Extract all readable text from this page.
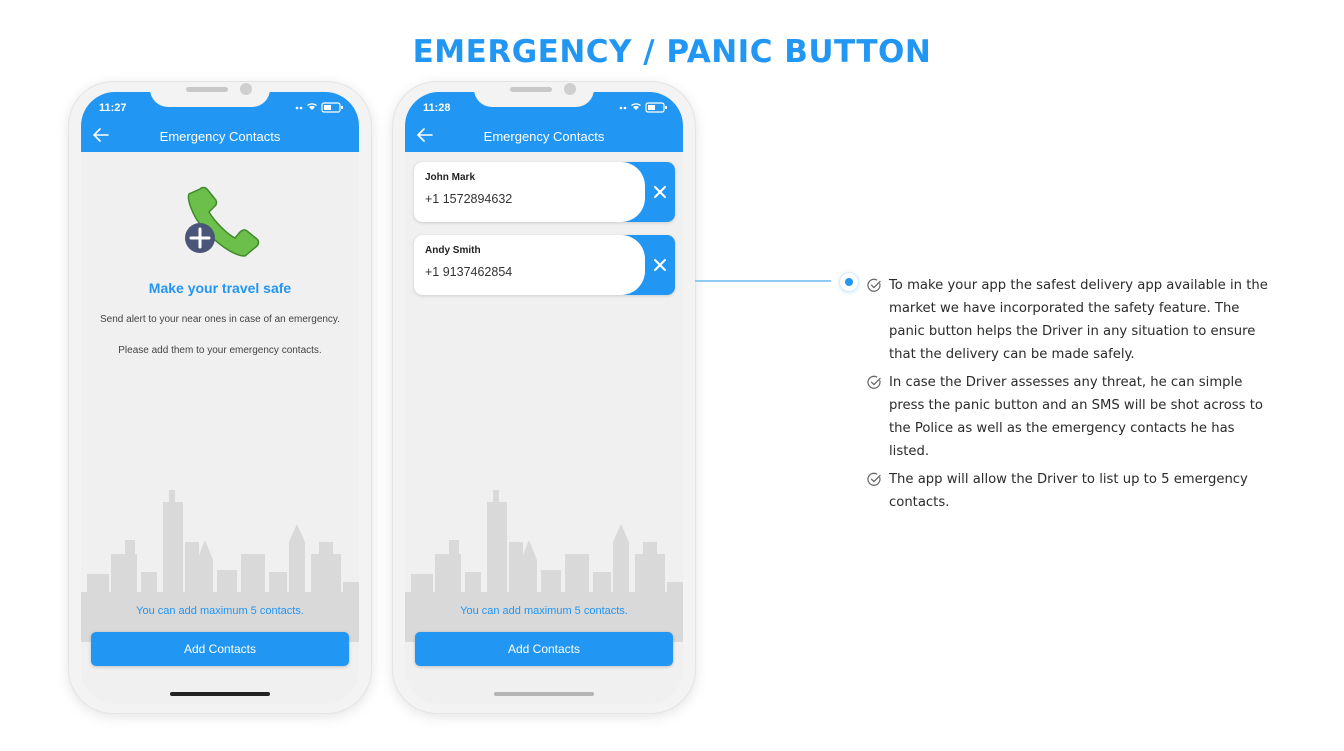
EMERGENCY / PANIC BUTTON
11:27
Emergency Contacts
Make your travel safe
Send alert to your near ones in case of an emergency.
Please add them to your emergency contacts.
You can add maximum 5 contacts.
Add Contacts
11:28
Emergency Contacts
John Mark
+1 1572894632
Andy Smith
+1 9137462854
You can add maximum 5 contacts.
Add Contacts
To make your app the safest delivery app available in the market we have incorporated the safety feature. The panic button helps the Driver in any situation to ensure that the delivery can be made safely.
In case the Driver assesses any threat, he can simple press the panic button and an SMS will be shot across to the Police as well as the emergency contacts he has listed.
The app will allow the Driver to list up to 5 emergency contacts.
